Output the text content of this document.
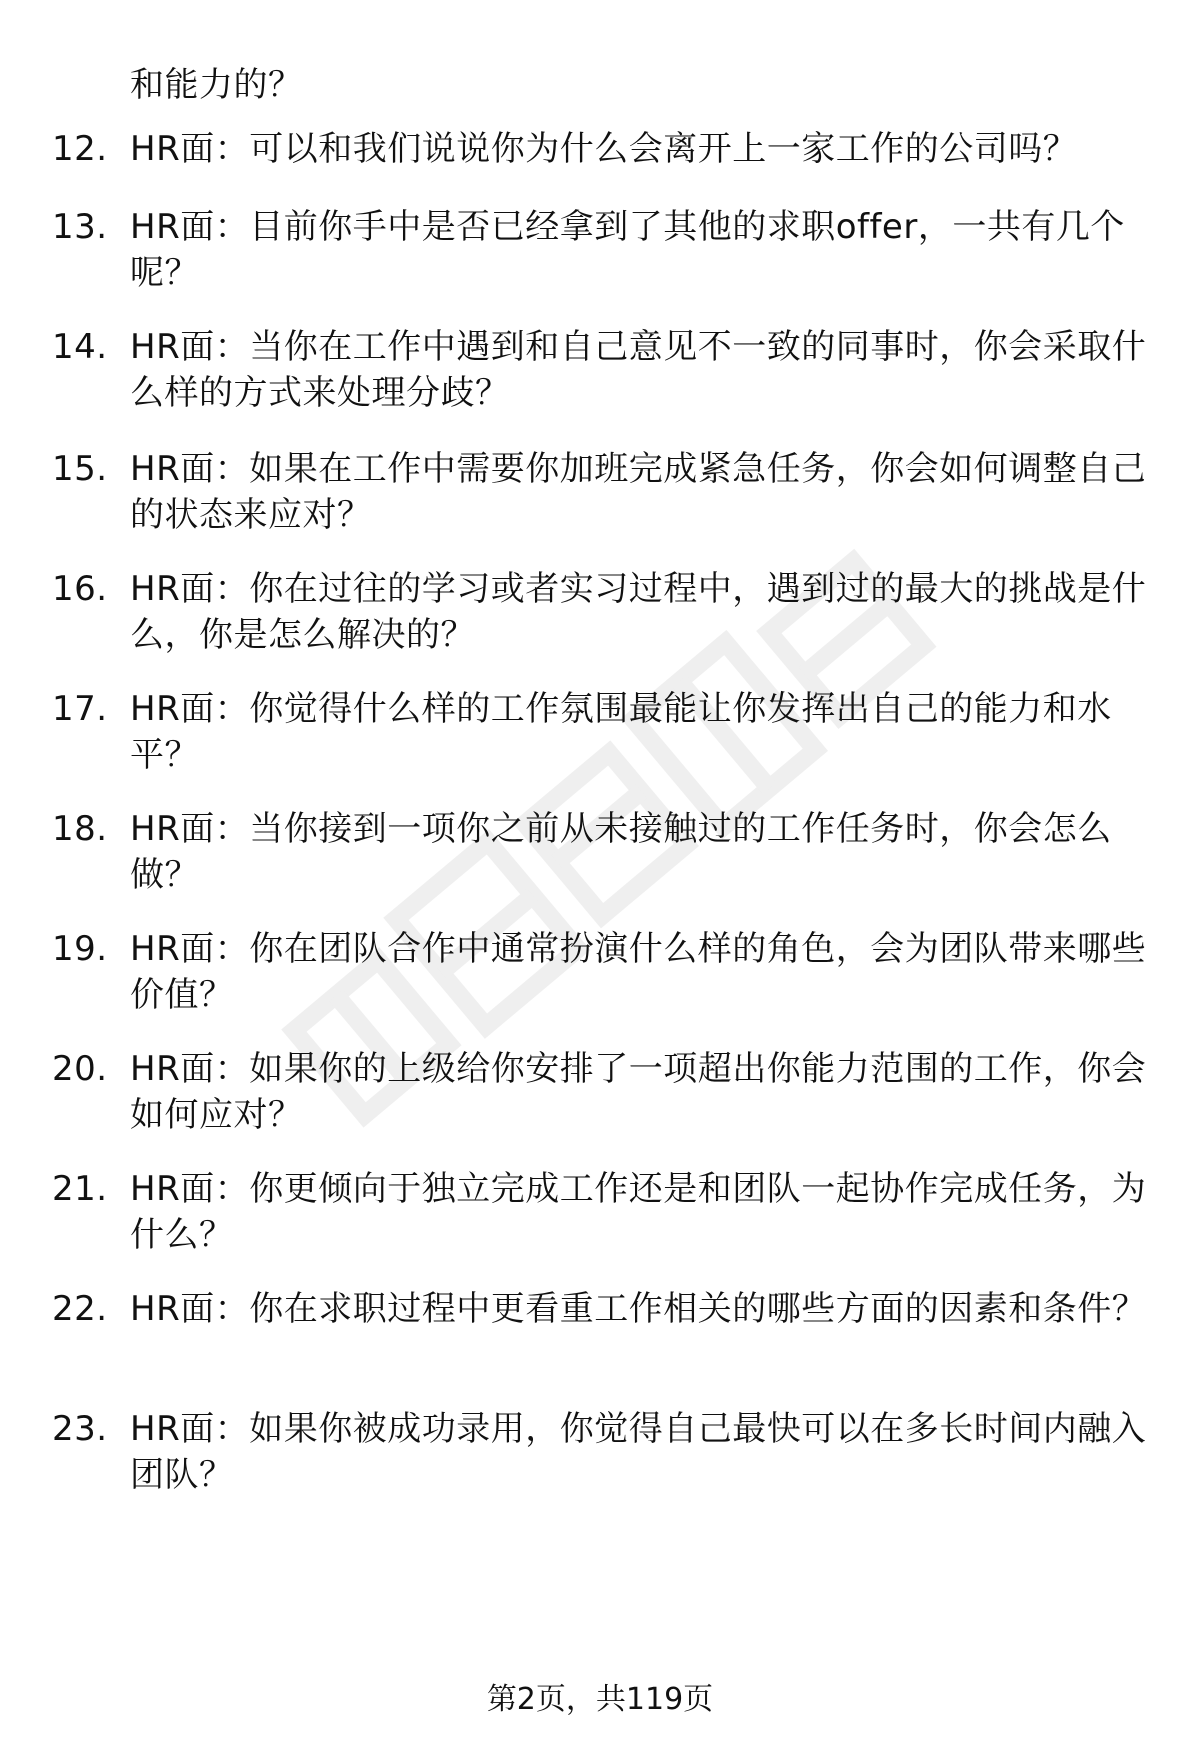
和能力的？
12. HR面：可以和我们说说你为什么会离开上一家工作的公司吗？
13. HR面：目前你手中是否已经拿到了其他的求职offer，一共有几个呢？
14. HR面：当你在工作中遇到和自己意见不一致的同事时，你会采取什么样的方式来处理分歧？
15. HR面：如果在工作中需要你加班完成紧急任务，你会如何调整自己的状态来应对？
16. HR面：你在过往的学习或者实习过程中，遇到过的最大的挑战是什么，你是怎么解决的？
17. HR面：你觉得什么样的工作氛围最能让你发挥出自己的能力和水平？
18. HR面：当你接到一项你之前从未接触过的工作任务时，你会怎么做？
19. HR面：你在团队合作中通常扮演什么样的角色，会为团队带来哪些价值？
20. HR面：如果你的上级给你安排了一项超出你能力范围的工作，你会如何应对？
21. HR面：你更倾向于独立完成工作还是和团队一起协作完成任务，为什么？
22. HR面：你在求职过程中更看重工作相关的哪些方面的因素和条件？
23. HR面：如果你被成功录用，你觉得自己最快可以在多长时间内融入团队？
第2页，共119页
